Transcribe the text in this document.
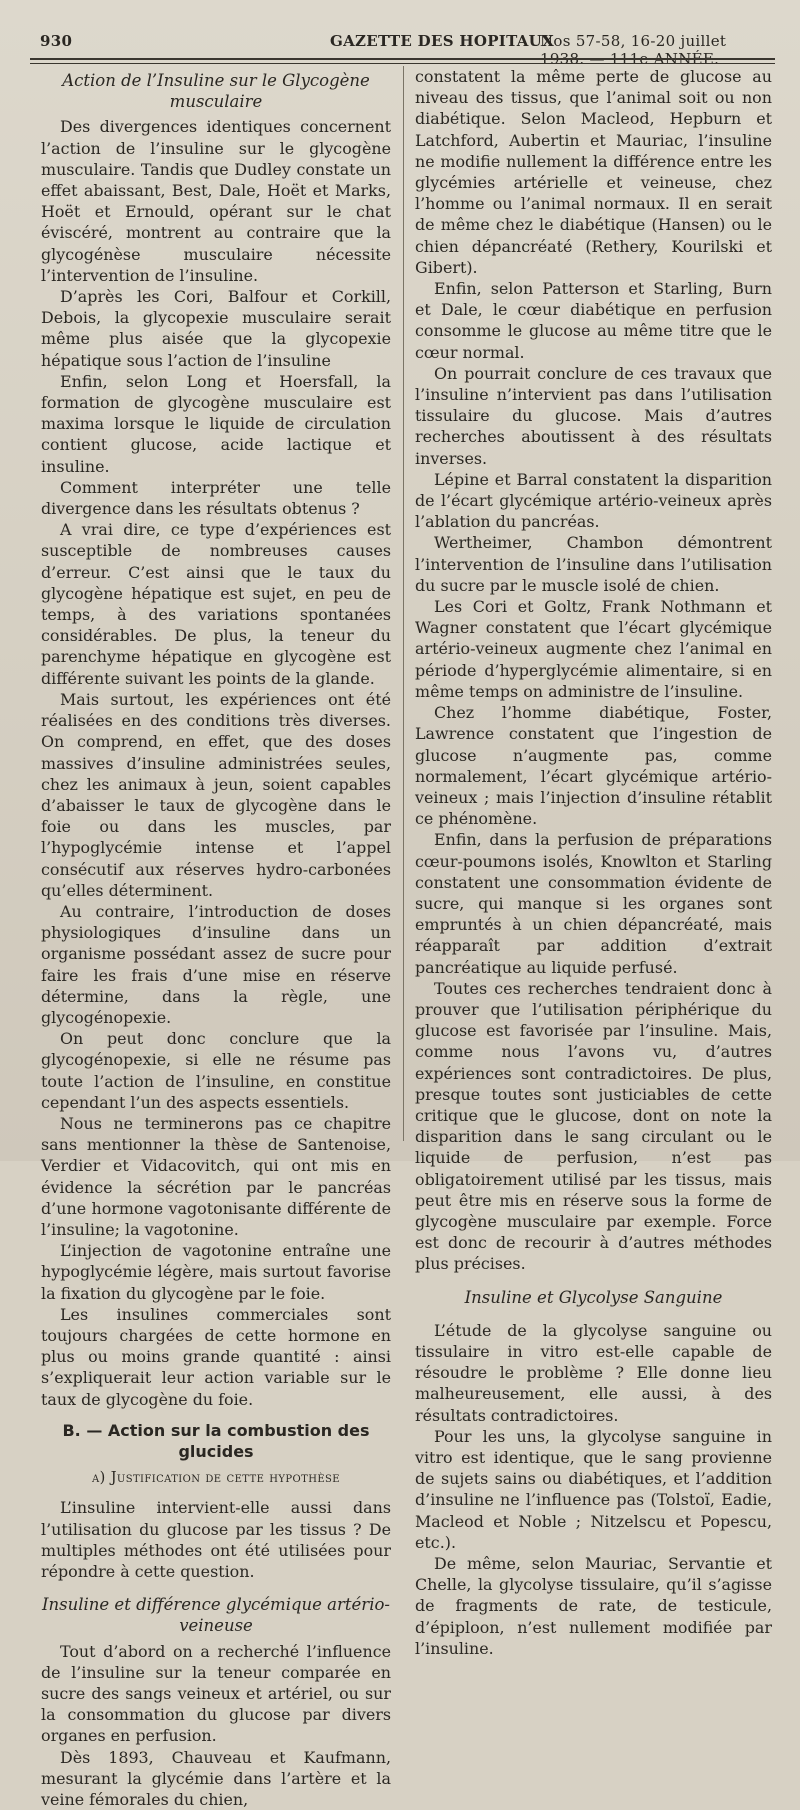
930	GAZETTE DES HOPITAUX
Nos 57-58, 16-20 juillet 1938. — 111e ANNÉE.
Action de l’Insuline sur le Glycogène musculaire

Des divergences identiques concernent l’action de l’insuline sur le glycogène musculaire. Tandis que Dudley constate un effet abaissant, Best, Dale, Hoët et Marks, Hoët et Ernould, opérant sur le chat éviscéré, montrent au contraire que la glycogénèse musculaire nécessite l’intervention de l’insuline.

D’après les Cori, Balfour et Corkill, Debois, la glycopexie musculaire serait même plus aisée que la glycopexie hépatique sous l’action de l’insuline

Enfin, selon Long et Hoersfall, la formation de glycogène musculaire est maxima lorsque le liquide de circulation contient glucose, acide lactique et insuline.

Comment interpréter une telle divergence dans les résultats obtenus ?

A vrai dire, ce type d’expériences est susceptible de nombreuses causes d’erreur. C’est ainsi que le taux du glycogène hépatique est sujet, en peu de temps, à des variations spontanées considérables. De plus, la teneur du parenchyme hépatique en glycogène est différente suivant les points de la glande.

Mais surtout, les expériences ont été réalisées en des conditions très diverses. On comprend, en effet, que des doses massives d’insuline administrées seules, chez les animaux à jeun, soient capables d’abaisser le taux de glycogène dans le foie ou dans les muscles, par l’hypoglycémie intense et l’appel consécutif aux réserves hydro-carbonées qu’elles déterminent.

Au contraire, l’introduction de doses physiologiques d’insuline dans un organisme possédant assez de sucre pour faire les frais d’une mise en réserve détermine, dans la règle, une glycogénopexie.

On peut donc conclure que la glycogénopexie, si elle ne résume pas toute l’action de l’insuline, en constitue cependant l’un des aspects essentiels.

Nous ne terminerons pas ce chapitre sans mentionner la thèse de Santenoise, Verdier et Vidacovitch, qui ont mis en évidence la sécrétion par le pancréas d’une hormone vagotonisante différente de l’insuline; la vagotonine.

L’injection de vagotonine entraîne une hypoglycémie légère, mais surtout favorise la fixation du glycogène par le foie.

Les insulines commerciales sont toujours chargées de cette hormone en plus ou moins grande quantité : ainsi s’expliquerait leur action variable sur le taux de glycogène du foie.

B. — Action sur la combustion des glucides
a) Justification de cette hypothèse

L’insuline intervient-elle aussi dans l’utilisation du glucose par les tissus ? De multiples méthodes ont été utilisées pour répondre à cette question.

Insuline et différence glycémique artério-veineuse

Tout d’abord on a recherché l’influence de l’insuline sur la teneur comparée en sucre des sangs veineux et artériel, ou sur la consommation du glucose par divers organes en perfusion.

Dès 1893, Chauveau et Kaufmann, mesurant la glycémie dans l’artère et la veine fémorales du chien,

constatent la même perte de glucose au niveau des tissus, que l’animal soit ou non diabétique. Selon Macleod, Hepburn et Latchford, Aubertin et Mauriac, l’insuline ne modifie nullement la différence entre les glycémies artérielle et veineuse, chez l’homme ou l’animal normaux. Il en serait de même chez le diabétique (Hansen) ou le chien dépancréaté (Rethery, Kourilski et Gibert).

Enfin, selon Patterson et Starling, Burn et Dale, le cœur diabétique en perfusion consomme le glucose au même titre que le cœur normal.

On pourrait conclure de ces travaux que l’insuline n’intervient pas dans l’utilisation tissulaire du glucose. Mais d’autres recherches aboutissent à des résultats inverses.

Lépine et Barral constatent la disparition de l’écart glycémique artério-veineux après l’ablation du pancréas.

Wertheimer, Chambon démontrent l’intervention de l’insuline dans l’utilisation du sucre par le muscle isolé de chien.

Les Cori et Goltz, Frank Nothmann et Wagner constatent que l’écart glycémique artério-veineux augmente chez l’animal en période d’hyperglycémie alimentaire, si en même temps on administre de l’insuline.

Chez l’homme diabétique, Foster, Lawrence constatent que l’ingestion de glucose n’augmente pas, comme normalement, l’écart glycémique artério-veineux ; mais l’injection d’insuline rétablit ce phénomène.

Enfin, dans la perfusion de préparations cœur-poumons isolés, Knowlton et Starling constatent une consommation évidente de sucre, qui manque si les organes sont empruntés à un chien dépancréaté, mais réapparaît par addition d’extrait pancréatique au liquide perfusé.

Toutes ces recherches tendraient donc à prouver que l’utilisation périphérique du glucose est favorisée par l’insuline. Mais, comme nous l’avons vu, d’autres expériences sont contradictoires. De plus, presque toutes sont justiciables de cette critique que le glucose, dont on note la disparition dans le sang circulant ou le liquide de perfusion, n’est pas obligatoirement utilisé par les tissus, mais peut être mis en réserve sous la forme de glycogène musculaire par exemple. Force est donc de recourir à d’autres méthodes plus précises.

Insuline et Glycolyse Sanguine

L’étude de la glycolyse sanguine ou tissulaire in vitro est-elle capable de résoudre le problème ? Elle donne lieu malheureusement, elle aussi, à des résultats contradictoires.

Pour les uns, la glycolyse sanguine in vitro est identique, que le sang provienne de sujets sains ou diabétiques, et l’addition d’insuline ne l’influence pas (Tolstoï, Eadie, Macleod et Noble ; Nitzelscu et Popescu, etc.).

De même, selon Mauriac, Servantie et Chelle, la glycolyse tissulaire, qu’il s’agisse de fragments de rate, de testicule, d’épiploon, n’est nullement modifiée par l’insuline.
